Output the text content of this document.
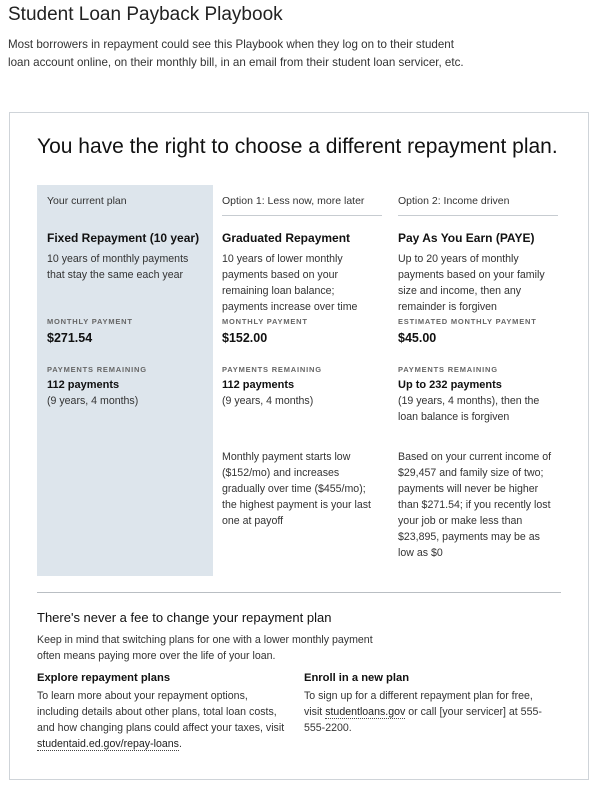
Student Loan Payback Playbook
Most borrowers in repayment could see this Playbook when they log on to their student loan account online, on their monthly bill, in an email from their student loan servicer, etc.
You have the right to choose a different repayment plan.
Your current plan
Fixed Repayment (10 year)
10 years of monthly payments that stay the same each year
MONTHLY PAYMENT
$271.54
PAYMENTS REMAINING
112 payments
(9 years, 4 months)
Option 1: Less now, more later
Graduated Repayment
10 years of lower monthly payments based on your remaining loan balance; payments increase over time
MONTHLY PAYMENT
$152.00
PAYMENTS REMAINING
112 payments
(9 years, 4 months)
Monthly payment starts low ($152/mo) and increases gradually over time ($455/mo); the highest payment is your last one at payoff
Option 2: Income driven
Pay As You Earn (PAYE)
Up to 20 years of monthly payments based on your family size and income, then any remainder is forgiven
ESTIMATED MONTHLY PAYMENT
$45.00
PAYMENTS REMAINING
Up to 232 payments
(19 years, 4 months), then the loan balance is forgiven
Based on your current income of $29,457 and family size of two; payments will never be higher than $271.54; if you recently lost your job or make less than $23,895, payments may be as low as $0
There's never a fee to change your repayment plan
Keep in mind that switching plans for one with a lower monthly payment often means paying more over the life of your loan.
Explore repayment plans
To learn more about your repayment options, including details about other plans, total loan costs, and how changing plans could affect your taxes, visit studentaid.ed.gov/repay-loans.
Enroll in a new plan
To sign up for a different repayment plan for free, visit studentloans.gov or call [your servicer] at 555-555-2200.
